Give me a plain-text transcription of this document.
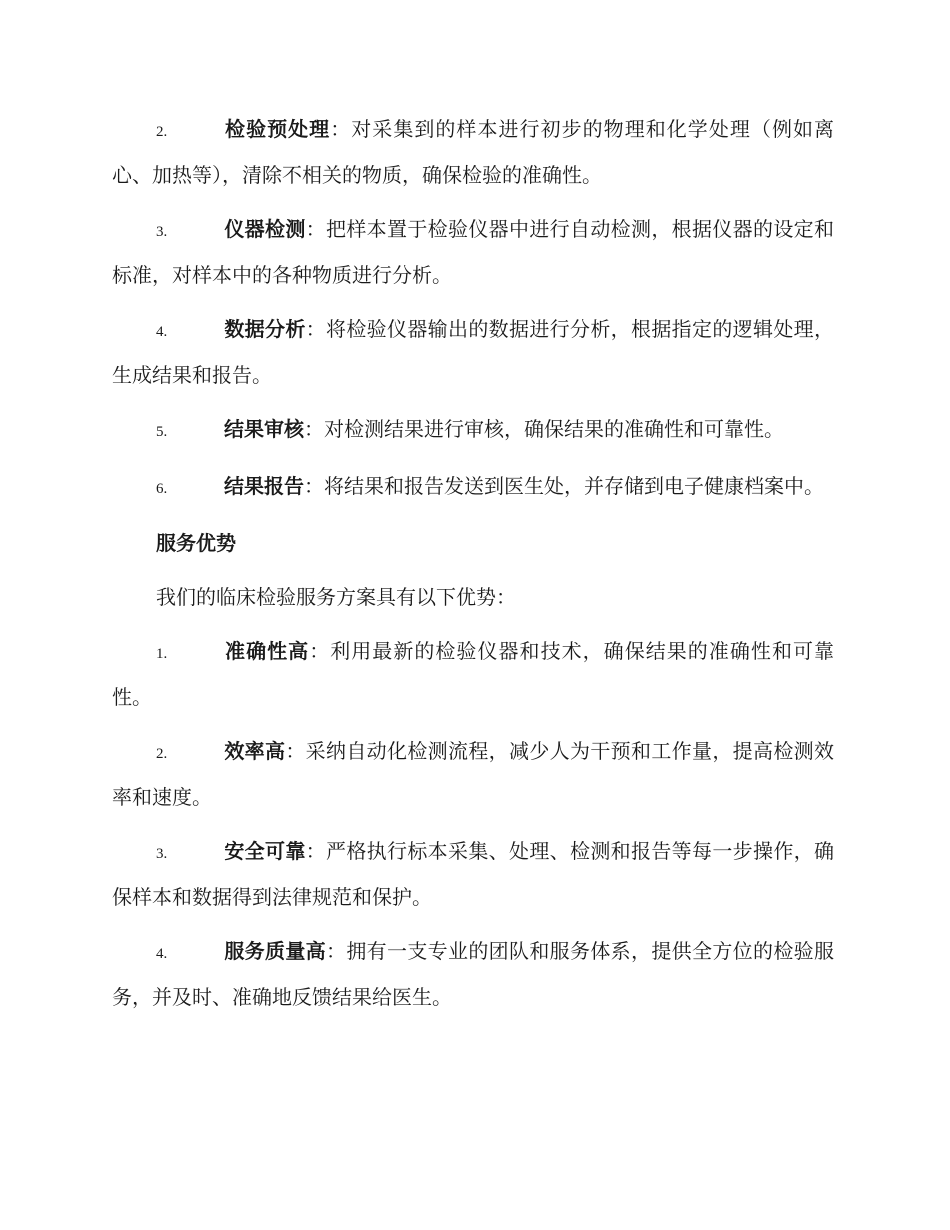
2.	检验预处理：对采集到的样本进行初步的物理和化学处理（例如离心、加热等），清除不相关的物质，确保检验的准确性。
3.	仪器检测：把样本置于检验仪器中进行自动检测，根据仪器的设定和标准，对样本中的各种物质进行分析。
4.	数据分析：将检验仪器输出的数据进行分析，根据指定的逻辑处理，生成结果和报告。
5.	结果审核：对检测结果进行审核，确保结果的准确性和可靠性。
6.	结果报告：将结果和报告发送到医生处，并存储到电子健康档案中。
服务优势
我们的临床检验服务方案具有以下优势：
1.	准确性高：利用最新的检验仪器和技术，确保结果的准确性和可靠性。
2.	效率高：采纳自动化检测流程，减少人为干预和工作量，提高检测效率和速度。
3.	安全可靠：严格执行标本采集、处理、检测和报告等每一步操作，确保样本和数据得到法律规范和保护。
4.	服务质量高：拥有一支专业的团队和服务体系，提供全方位的检验服务，并及时、准确地反馈结果给医生。
